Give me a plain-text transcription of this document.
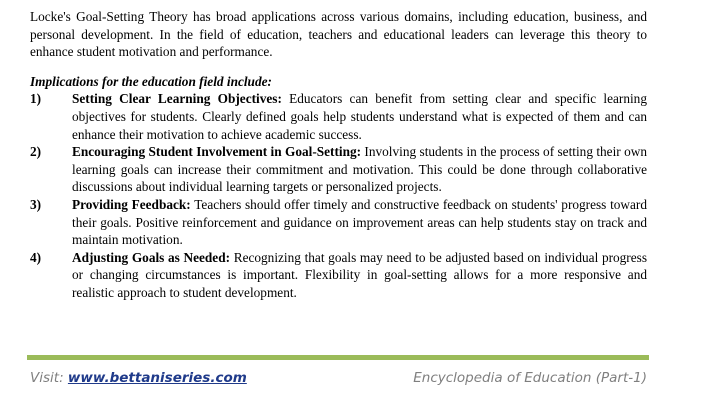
Locke's Goal-Setting Theory has broad applications across various domains, including education, business, and personal development. In the field of education, teachers and educational leaders can leverage this theory to enhance student motivation and performance.

Implications for the education field include:
1) Setting Clear Learning Objectives: Educators can benefit from setting clear and specific learning objectives for students. Clearly defined goals help students understand what is expected of them and can enhance their motivation to achieve academic success.
2) Encouraging Student Involvement in Goal-Setting: Involving students in the process of setting their own learning goals can increase their commitment and motivation. This could be done through collaborative discussions about individual learning targets or personalized projects.
3) Providing Feedback: Teachers should offer timely and constructive feedback on students' progress toward their goals. Positive reinforcement and guidance on improvement areas can help students stay on track and maintain motivation.
4) Adjusting Goals as Needed: Recognizing that goals may need to be adjusted based on individual progress or changing circumstances is important. Flexibility in goal-setting allows for a more responsive and realistic approach to student development.
Visit: www.bettaniseries.com	Encyclopedia of Education (Part-1)
